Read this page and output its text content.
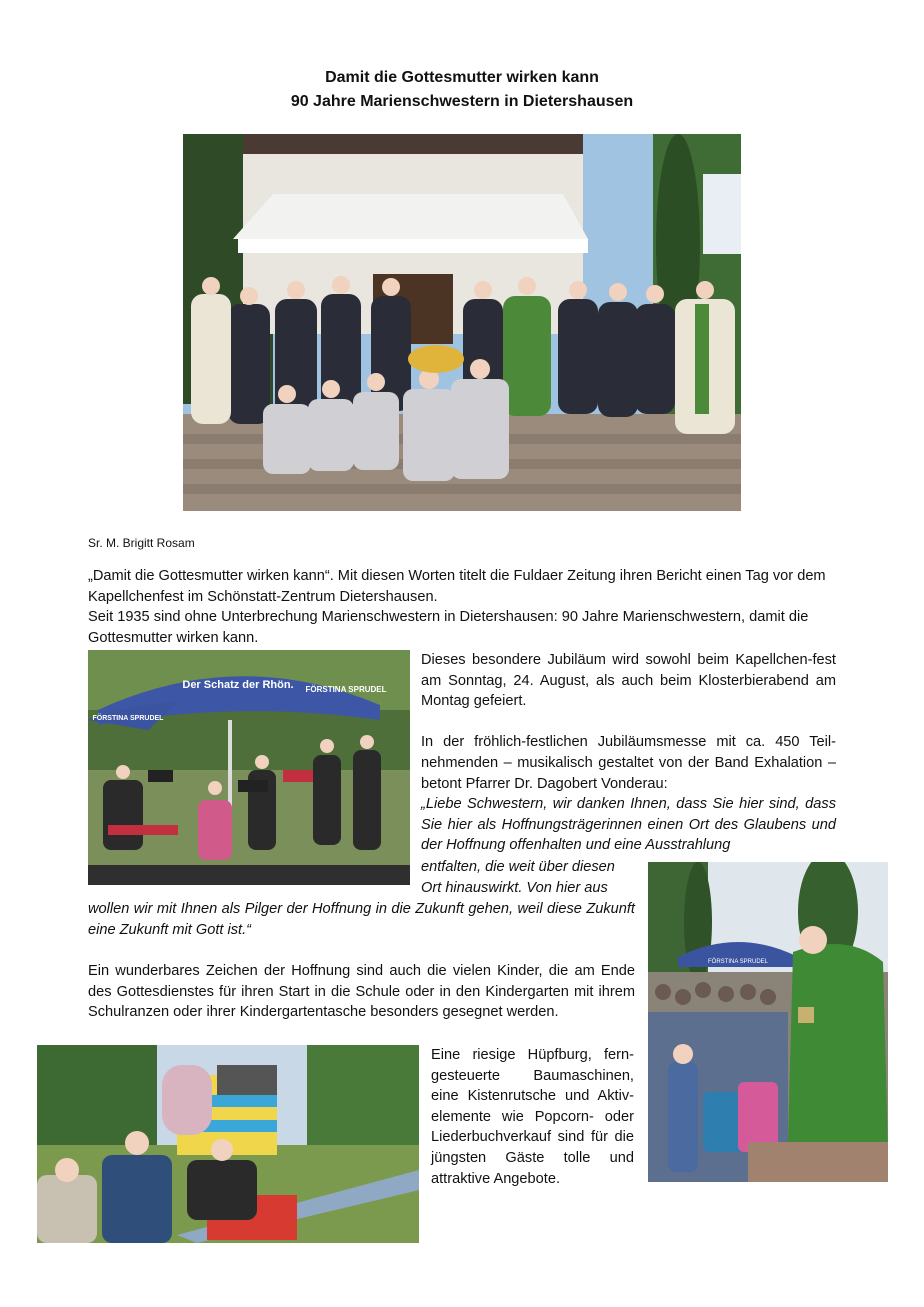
Damit die Gottesmutter wirken kann
90 Jahre Marienschwestern in Dietershausen
Sr. M. Brigitt Rosam

„Damit die Gottesmutter wirken kann“. Mit diesen Worten titelt die Fuldaer Zeitung ihren Bericht einen Tag vor dem Kapellchenfest im Schönstatt-Zentrum Dietershausen.

Seit 1935 sind ohne Unterbrechung Marienschwestern in Dietershausen: 90 Jahre Marienschwestern, damit die Gottesmutter wirken kann.

Der Schatz der Rhön. FÖRSTINA SPRUDEL
FÖRSTINA SPRUDEL

Dieses besondere Jubiläum wird sowohl beim Kapellchen-fest am Sonntag, 24. August, als auch beim Klosterbierabend am Montag gefeiert.

In der fröhlich-festlichen Jubiläumsmesse mit ca. 450 Teil-nehmenden – musikalisch gestaltet von der Band Exhalation – betont Pfarrer Dr. Dagobert Vonderau:

„Liebe Schwestern, wir danken Ihnen, dass Sie hier sind, dass Sie hier als Hoffnungsträgerinnen einen Ort des Glaubens und der Hoffnung offenhalten und eine Ausstrahlung

entfalten, die weit über diesen
Ort hinauswirkt. Von hier aus
wollen wir mit Ihnen als Pilger der Hoffnung in die Zukunft gehen, weil diese Zukunft eine Zukunft mit Gott ist.“
Ein wunderbares Zeichen der Hoffnung sind auch die vielen Kinder, die am Ende des Gottesdienstes für ihren Start in die Schule oder in den Kindergarten mit ihrem Schulranzen oder ihrer Kindergartentasche besonders gesegnet werden.
FÖRSTINA SPRUDEL
Eine riesige Hüpfburg, fern-gesteuerte Baumaschinen, eine Kistenrutsche und Aktiv-elemente wie Popcorn- oder Liederbuchverkauf sind für die jüngsten Gäste tolle und attraktive Angebote.
